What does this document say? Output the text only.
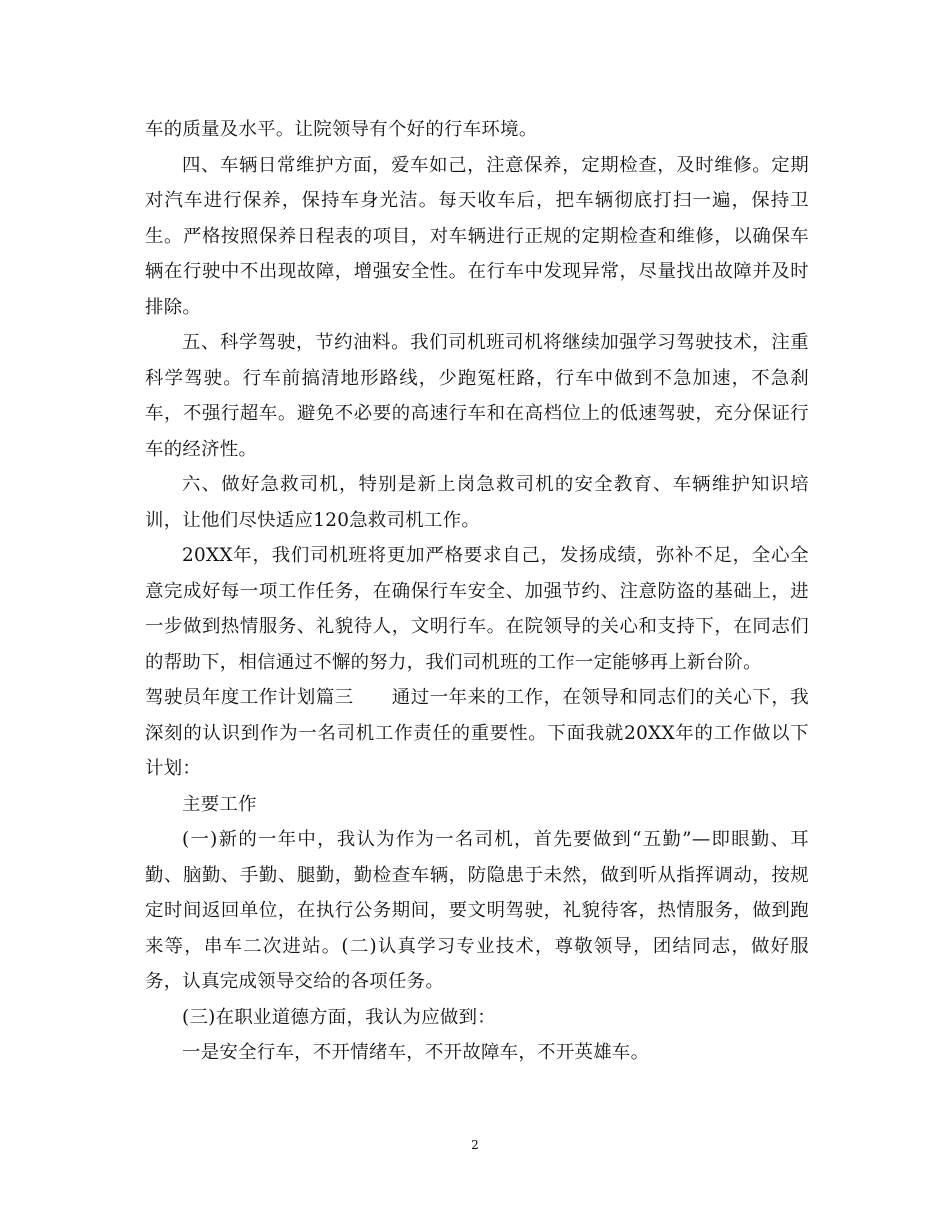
车的质量及水平。让院领导有个好的行车环境。

四、车辆日常维护方面，爱车如己，注意保养，定期检查，及时维修。定期对汽车进行保养，保持车身光洁。每天收车后，把车辆彻底打扫一遍，保持卫生。严格按照保养日程表的项目，对车辆进行正规的定期检查和维修，以确保车辆在行驶中不出现故障，增强安全性。在行车中发现异常，尽量找出故障并及时排除。

五、科学驾驶，节约油料。我们司机班司机将继续加强学习驾驶技术，注重科学驾驶。行车前搞清地形路线，少跑冤枉路，行车中做到不急加速，不急刹车，不强行超车。避免不必要的高速行车和在高档位上的低速驾驶，充分保证行车的经济性。

六、做好急救司机，特别是新上岗急救司机的安全教育、车辆维护知识培训，让他们尽快适应120急救司机工作。

20XX年，我们司机班将更加严格要求自己，发扬成绩，弥补不足，全心全意完成好每一项工作任务，在确保行车安全、加强节约、注意防盗的基础上，进一步做到热情服务、礼貌待人，文明行车。在院领导的关心和支持下，在同志们的帮助下，相信通过不懈的努力，我们司机班的工作一定能够再上新台阶。

驾驶员年度工作计划篇三　　通过一年来的工作，在领导和同志们的关心下，我深刻的认识到作为一名司机工作责任的重要性。下面我就20XX年的工作做以下计划：

主要工作

(一)新的一年中，我认为作为一名司机，首先要做到“五勤”—即眼勤、耳勤、脑勤、手勤、腿勤，勤检查车辆，防隐患于未然，做到听从指挥调动，按规定时间返回单位，在执行公务期间，要文明驾驶，礼貌待客，热情服务，做到跑来等，串车二次进站。(二)认真学习专业技术，尊敬领导，团结同志，做好服务，认真完成领导交给的各项任务。

(三)在职业道德方面，我认为应做到：

一是安全行车，不开情绪车，不开故障车，不开英雄车。

2
